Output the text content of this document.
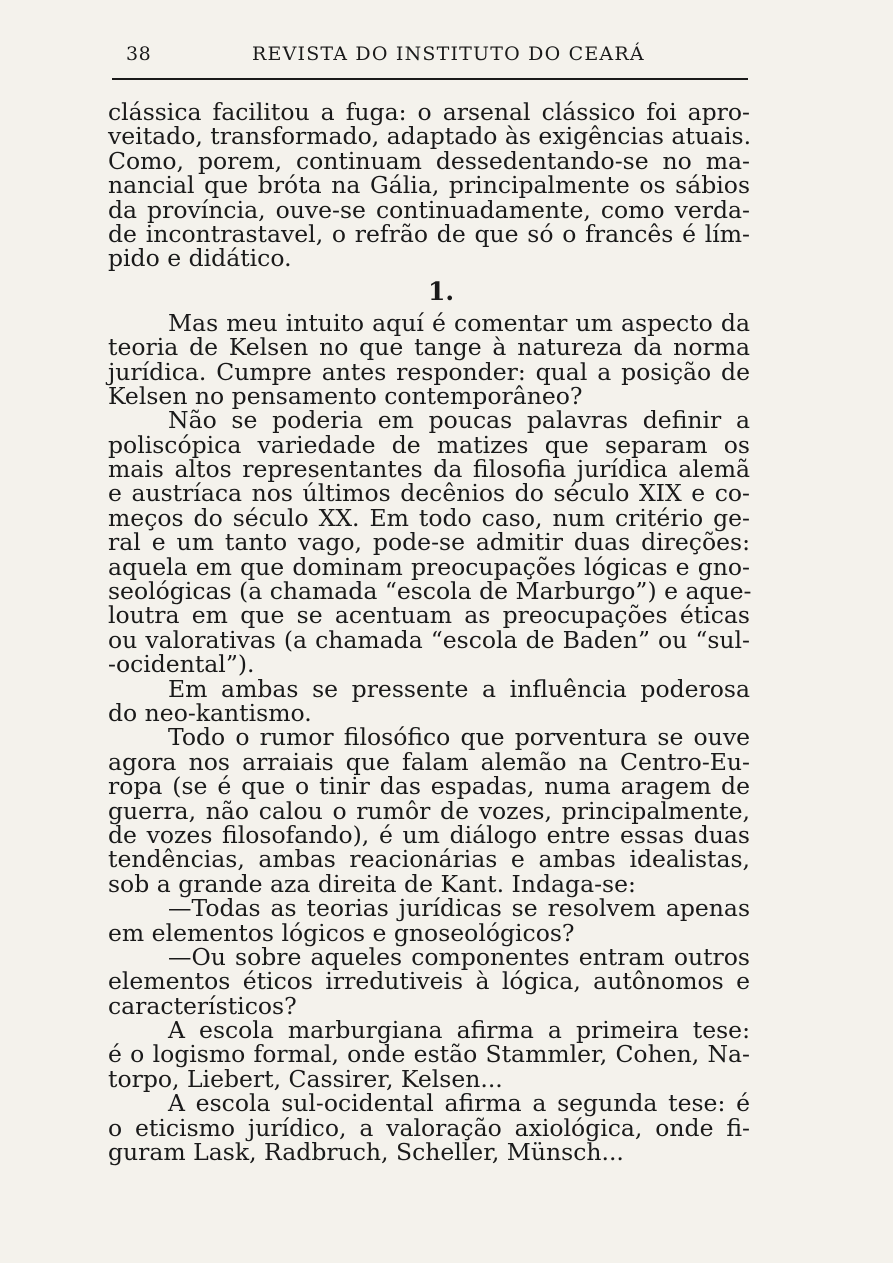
38	REVISTA DO INSTITUTO DO CEARÁ
clássica facilitou a fuga: o arsenal clássico foi apro-
veitado, transformado, adaptado às exigências atuais.
Como, porem, continuam dessedentando-se no ma-
nancial que bróta na Gália, principalmente os sábios
da província, ouve-se continuadamente, como verda-
de incontrastavel, o refrão de que só o francês é lím-
pido e didático.
1.
Mas meu intuito aquí é comentar um aspecto da
teoria de Kelsen no que tange à natureza da norma
jurídica. Cumpre antes responder: qual a posição de
Kelsen no pensamento contemporâneo?
Não se poderia em poucas palavras definir a
poliscópica variedade de matizes que separam os
mais altos representantes da filosofia jurídica alemã
e austríaca nos últimos decênios do século XIX e co-
meços do século XX. Em todo caso, num critério ge-
ral e um tanto vago, pode-se admitir duas direções:
aquela em que dominam preocupações lógicas e gno-
seológicas (a chamada “escola de Marburgo”) e aque-
loutra em que se acentuam as preocupações éticas
ou valorativas (a chamada “escola de Baden” ou “sul-
-ocidental”).
Em ambas se pressente a influência poderosa
do neo-kantismo.
Todo o rumor filosófico que porventura se ouve
agora nos arraiais que falam alemão na Centro-Eu-
ropa (se é que o tinir das espadas, numa aragem de
guerra, não calou o rumôr de vozes, principalmente,
de vozes filosofando), é um diálogo entre essas duas
tendências, ambas reacionárias e ambas idealistas,
sob a grande aza direita de Kant. Indaga-se:
—Todas as teorias jurídicas se resolvem apenas
em elementos lógicos e gnoseológicos?
—Ou sobre aqueles componentes entram outros
elementos éticos irredutiveis à lógica, autônomos e
característicos?
A escola marburgiana afirma a primeira tese:
é o logismo formal, onde estão Stammler, Cohen, Na-
torpo, Liebert, Cassirer, Kelsen...
A escola sul-ocidental afirma a segunda tese: é
o eticismo jurídico, a valoração axiológica, onde fi-
guram Lask, Radbruch, Scheller, Münsch...
